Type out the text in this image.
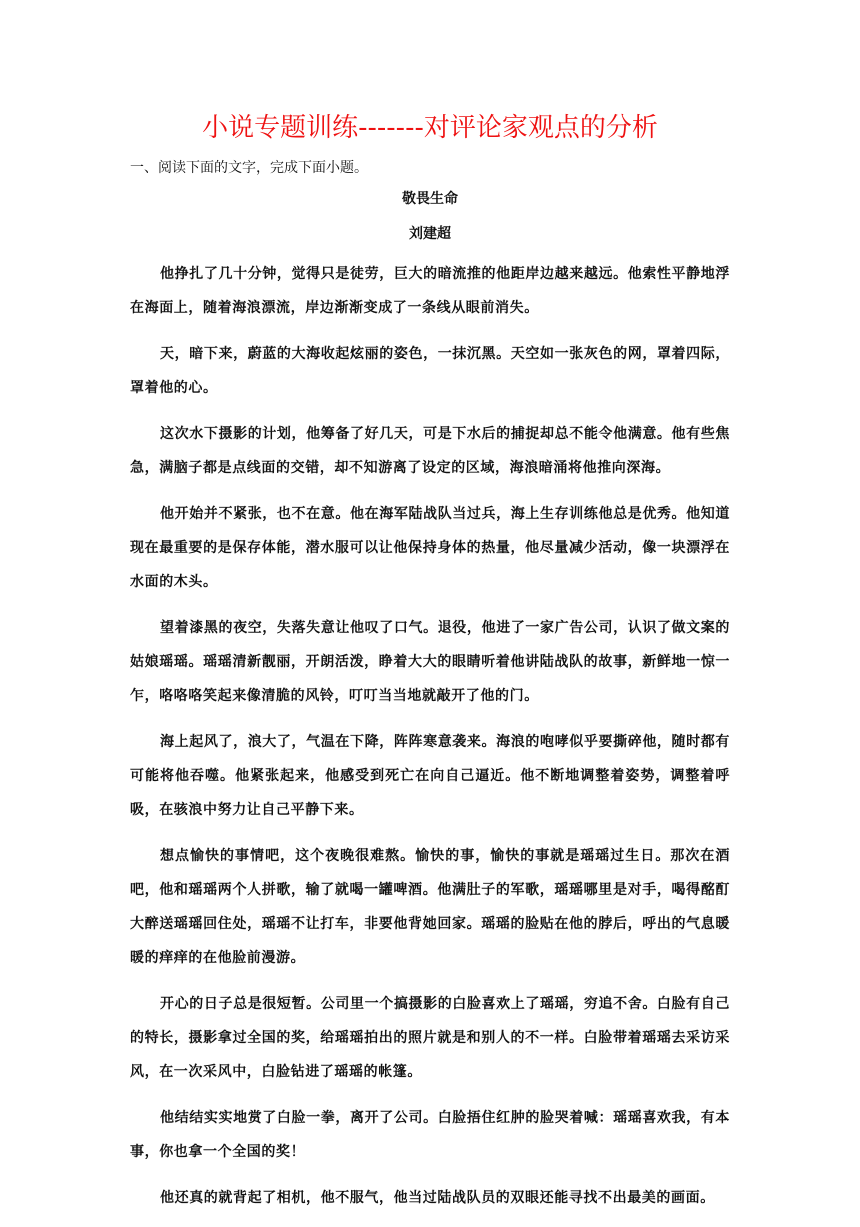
小说专题训练-------对评论家观点的分析
一、阅读下面的文字，完成下面小题。
敬畏生命
刘建超

他挣扎了几十分钟，觉得只是徒劳，巨大的暗流推的他距岸边越来越远。他索性平静地浮在海面上，随着海浪漂流，岸边渐渐变成了一条线从眼前消失。

天，暗下来，蔚蓝的大海收起炫丽的姿色，一抹沉黑。天空如一张灰色的网，罩着四际，罩着他的心。

这次水下摄影的计划，他筹备了好几天，可是下水后的捕捉却总不能令他满意。他有些焦急，满脑子都是点线面的交错，却不知游离了设定的区域，海浪暗涌将他推向深海。

他开始并不紧张，也不在意。他在海军陆战队当过兵，海上生存训练他总是优秀。他知道现在最重要的是保存体能，潜水服可以让他保持身体的热量，他尽量减少活动，像一块漂浮在水面的木头。

望着漆黑的夜空，失落失意让他叹了口气。退役，他进了一家广告公司，认识了做文案的姑娘瑶瑶。瑶瑶清新靓丽，开朗活泼，睁着大大的眼睛听着他讲陆战队的故事，新鲜地一惊一乍，咯咯咯笑起来像清脆的风铃，叮叮当当地就敲开了他的门。

海上起风了，浪大了，气温在下降，阵阵寒意袭来。海浪的咆哮似乎要撕碎他，随时都有可能将他吞噬。他紧张起来，他感受到死亡在向自己逼近。他不断地调整着姿势，调整着呼吸，在骇浪中努力让自己平静下来。

想点愉快的事情吧，这个夜晚很难熬。愉快的事，愉快的事就是瑶瑶过生日。那次在酒吧，他和瑶瑶两个人拼歌，输了就喝一罐啤酒。他满肚子的军歌，瑶瑶哪里是对手，喝得酩酊大醉送瑶瑶回住处，瑶瑶不让打车，非要他背她回家。瑶瑶的脸贴在他的脖后，呼出的气息暖暖的痒痒的在他脸前漫游。

开心的日子总是很短暂。公司里一个搞摄影的白脸喜欢上了瑶瑶，穷追不舍。白脸有自己的特长，摄影拿过全国的奖，给瑶瑶拍出的照片就是和别人的不一样。白脸带着瑶瑶去采访采风，在一次采风中，白脸钻进了瑶瑶的帐篷。

他结结实实地赏了白脸一拳，离开了公司。白脸捂住红肿的脸哭着喊：瑶瑶喜欢我，有本事，你也拿一个全国的奖！

他还真的就背起了相机，他不服气，他当过陆战队员的双眼还能寻找不出最美的画面。
